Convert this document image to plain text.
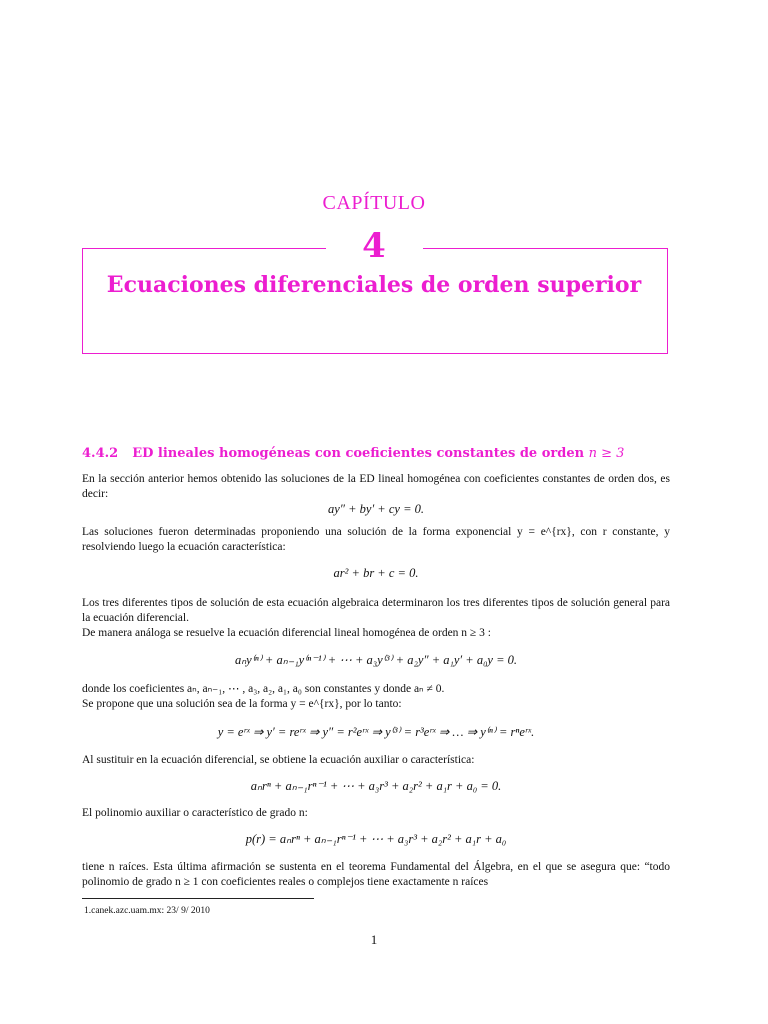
CAPÍTULO
4
Ecuaciones diferenciales de orden superior
4.4.2 ED lineales homogéneas con coeficientes constantes de orden n ≥ 3
En la sección anterior hemos obtenido las soluciones de la ED lineal homogénea con coeficientes constantes de orden dos, es decir:
ay″ + by′ + cy = 0.
Las soluciones fueron determinadas proponiendo una solución de la forma exponencial y = e^{rx}, con r constante, y resolviendo luego la ecuación característica:
ar² + br + c = 0.
Los tres diferentes tipos de solución de esta ecuación algebraica determinaron los tres diferentes tipos de solución general para la ecuación diferencial.
De manera análoga se resuelve la ecuación diferencial lineal homogénea de orden n ≥ 3 :
aₙy⁽ⁿ⁾ + aₙ₋₁y⁽ⁿ⁻¹⁾ + ⋯ + a₃y⁽³⁾ + a₂y″ + a₁y′ + a₀y = 0.
donde los coeficientes aₙ, aₙ₋₁, ⋯ , a₃, a₂, a₁, a₀ son constantes y donde aₙ ≠ 0.
Se propone que una solución sea de la forma y = e^{rx}, por lo tanto:
y = eʳˣ ⇒ y′ = reʳˣ ⇒ y″ = r²eʳˣ ⇒ y⁽³⁾ = r³eʳˣ ⇒ … ⇒ y⁽ⁿ⁾ = rⁿeʳˣ.
Al sustituir en la ecuación diferencial, se obtiene la ecuación auxiliar o característica:
aₙrⁿ + aₙ₋₁rⁿ⁻¹ + ⋯ + a₃r³ + a₂r² + a₁r + a₀ = 0.
El polinomio auxiliar o característico de grado n:
p(r) = aₙrⁿ + aₙ₋₁rⁿ⁻¹ + ⋯ + a₃r³ + a₂r² + a₁r + a₀
tiene n raíces. Esta última afirmación se sustenta en el teorema Fundamental del Álgebra, en el que se asegura que: “todo polinomio de grado n ≥ 1 con coeficientes reales o complejos tiene exactamente n raíces
1.canek.azc.uam.mx: 23/ 9/ 2010
1
